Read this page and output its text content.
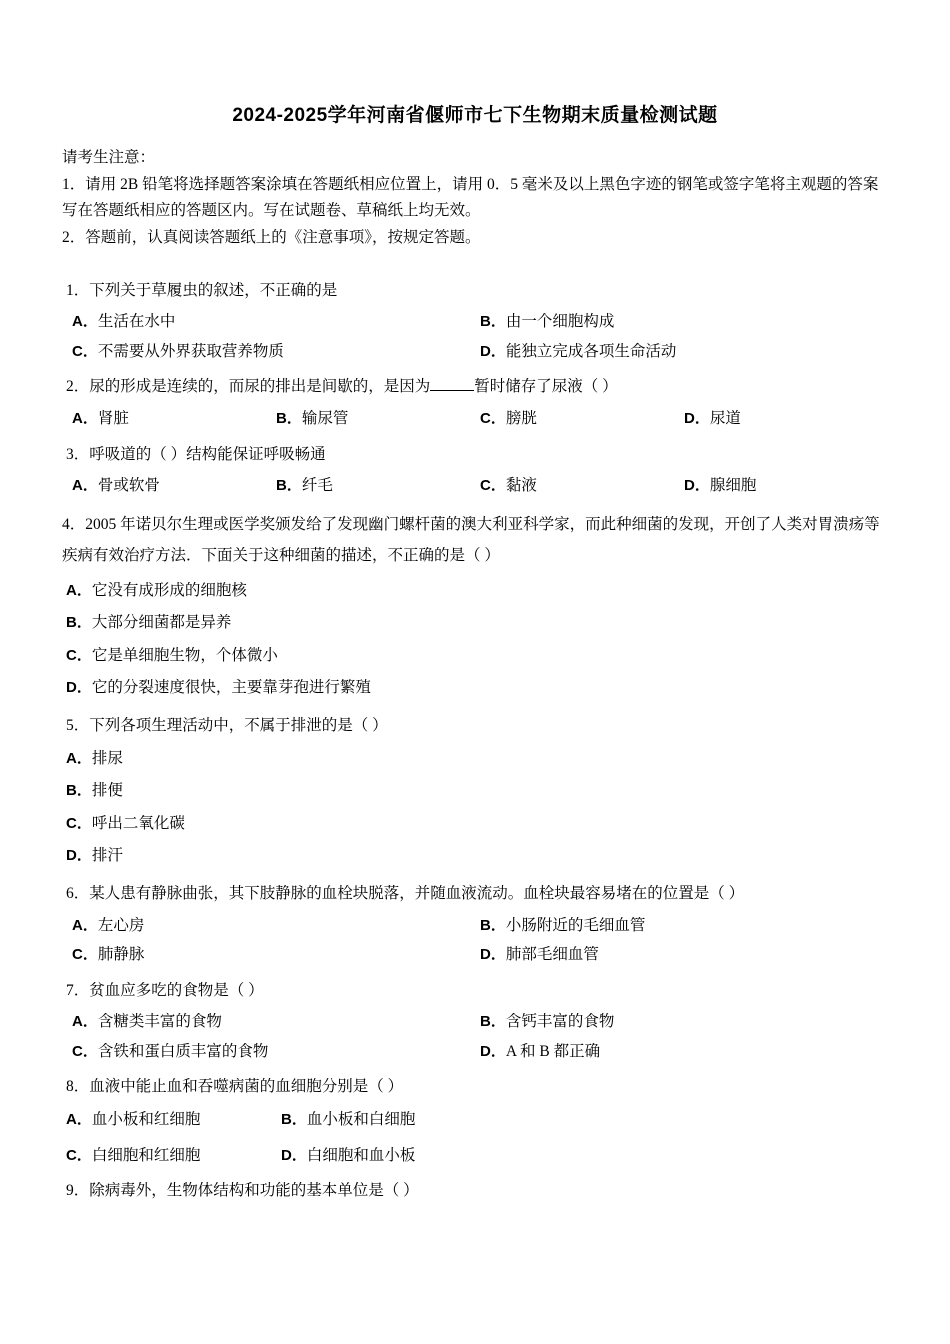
2024-2025学年河南省偃师市七下生物期末质量检测试题

请考生注意：

1．请用 2B 铅笔将选择题答案涂填在答题纸相应位置上，请用 0．5 毫米及以上黑色字迹的钢笔或签字笔将主观题的答案写在答题纸相应的答题区内。写在试题卷、草稿纸上均无效。

2．答题前，认真阅读答题纸上的《注意事项》，按规定答题。

1．下列关于草履虫的叙述，不正确的是

A．生活在水中	B．由一个细胞构成
C．不需要从外界获取营养物质	D．能独立完成各项生命活动

2．尿的形成是连续的，而尿的排出是间歇的，是因为	暂时储存了尿液（ ）

A．肾脏	B．输尿管	C．膀胱	D．尿道

3．呼吸道的（ ）结构能保证呼吸畅通

A．骨或软骨	B．纤毛	C．黏液	D．腺细胞

4．2005 年诺贝尔生理或医学奖颁发给了发现幽门螺杆菌的澳大利亚科学家，而此种细菌的发现，开创了人类对胃溃疡等疾病有效治疗方法．下面关于这种细菌的描述，不正确的是（ ）

A．它没有成形成的细胞核
B．大部分细菌都是异养
C．它是单细胞生物，个体微小
D．它的分裂速度很快，主要靠芽孢进行繁殖

5．下列各项生理活动中，不属于排泄的是（ ）

A．排尿
B．排便
C．呼出二氧化碳
D．排汗

6．某人患有静脉曲张，其下肢静脉的血栓块脱落，并随血液流动。血栓块最容易堵在的位置是（ ）

A．左心房	B．小肠附近的毛细血管
C．肺静脉	D．肺部毛细血管

7．贫血应多吃的食物是（ ）

A．含糖类丰富的食物	B．含钙丰富的食物
C．含铁和蛋白质丰富的食物	D．A 和 B 都正确

8．血液中能止血和吞噬病菌的血细胞分别是（ ）

A．血小板和红细胞	B．血小板和白细胞
C．白细胞和红细胞	D．白细胞和血小板

9．除病毒外，生物体结构和功能的基本单位是（ ）
